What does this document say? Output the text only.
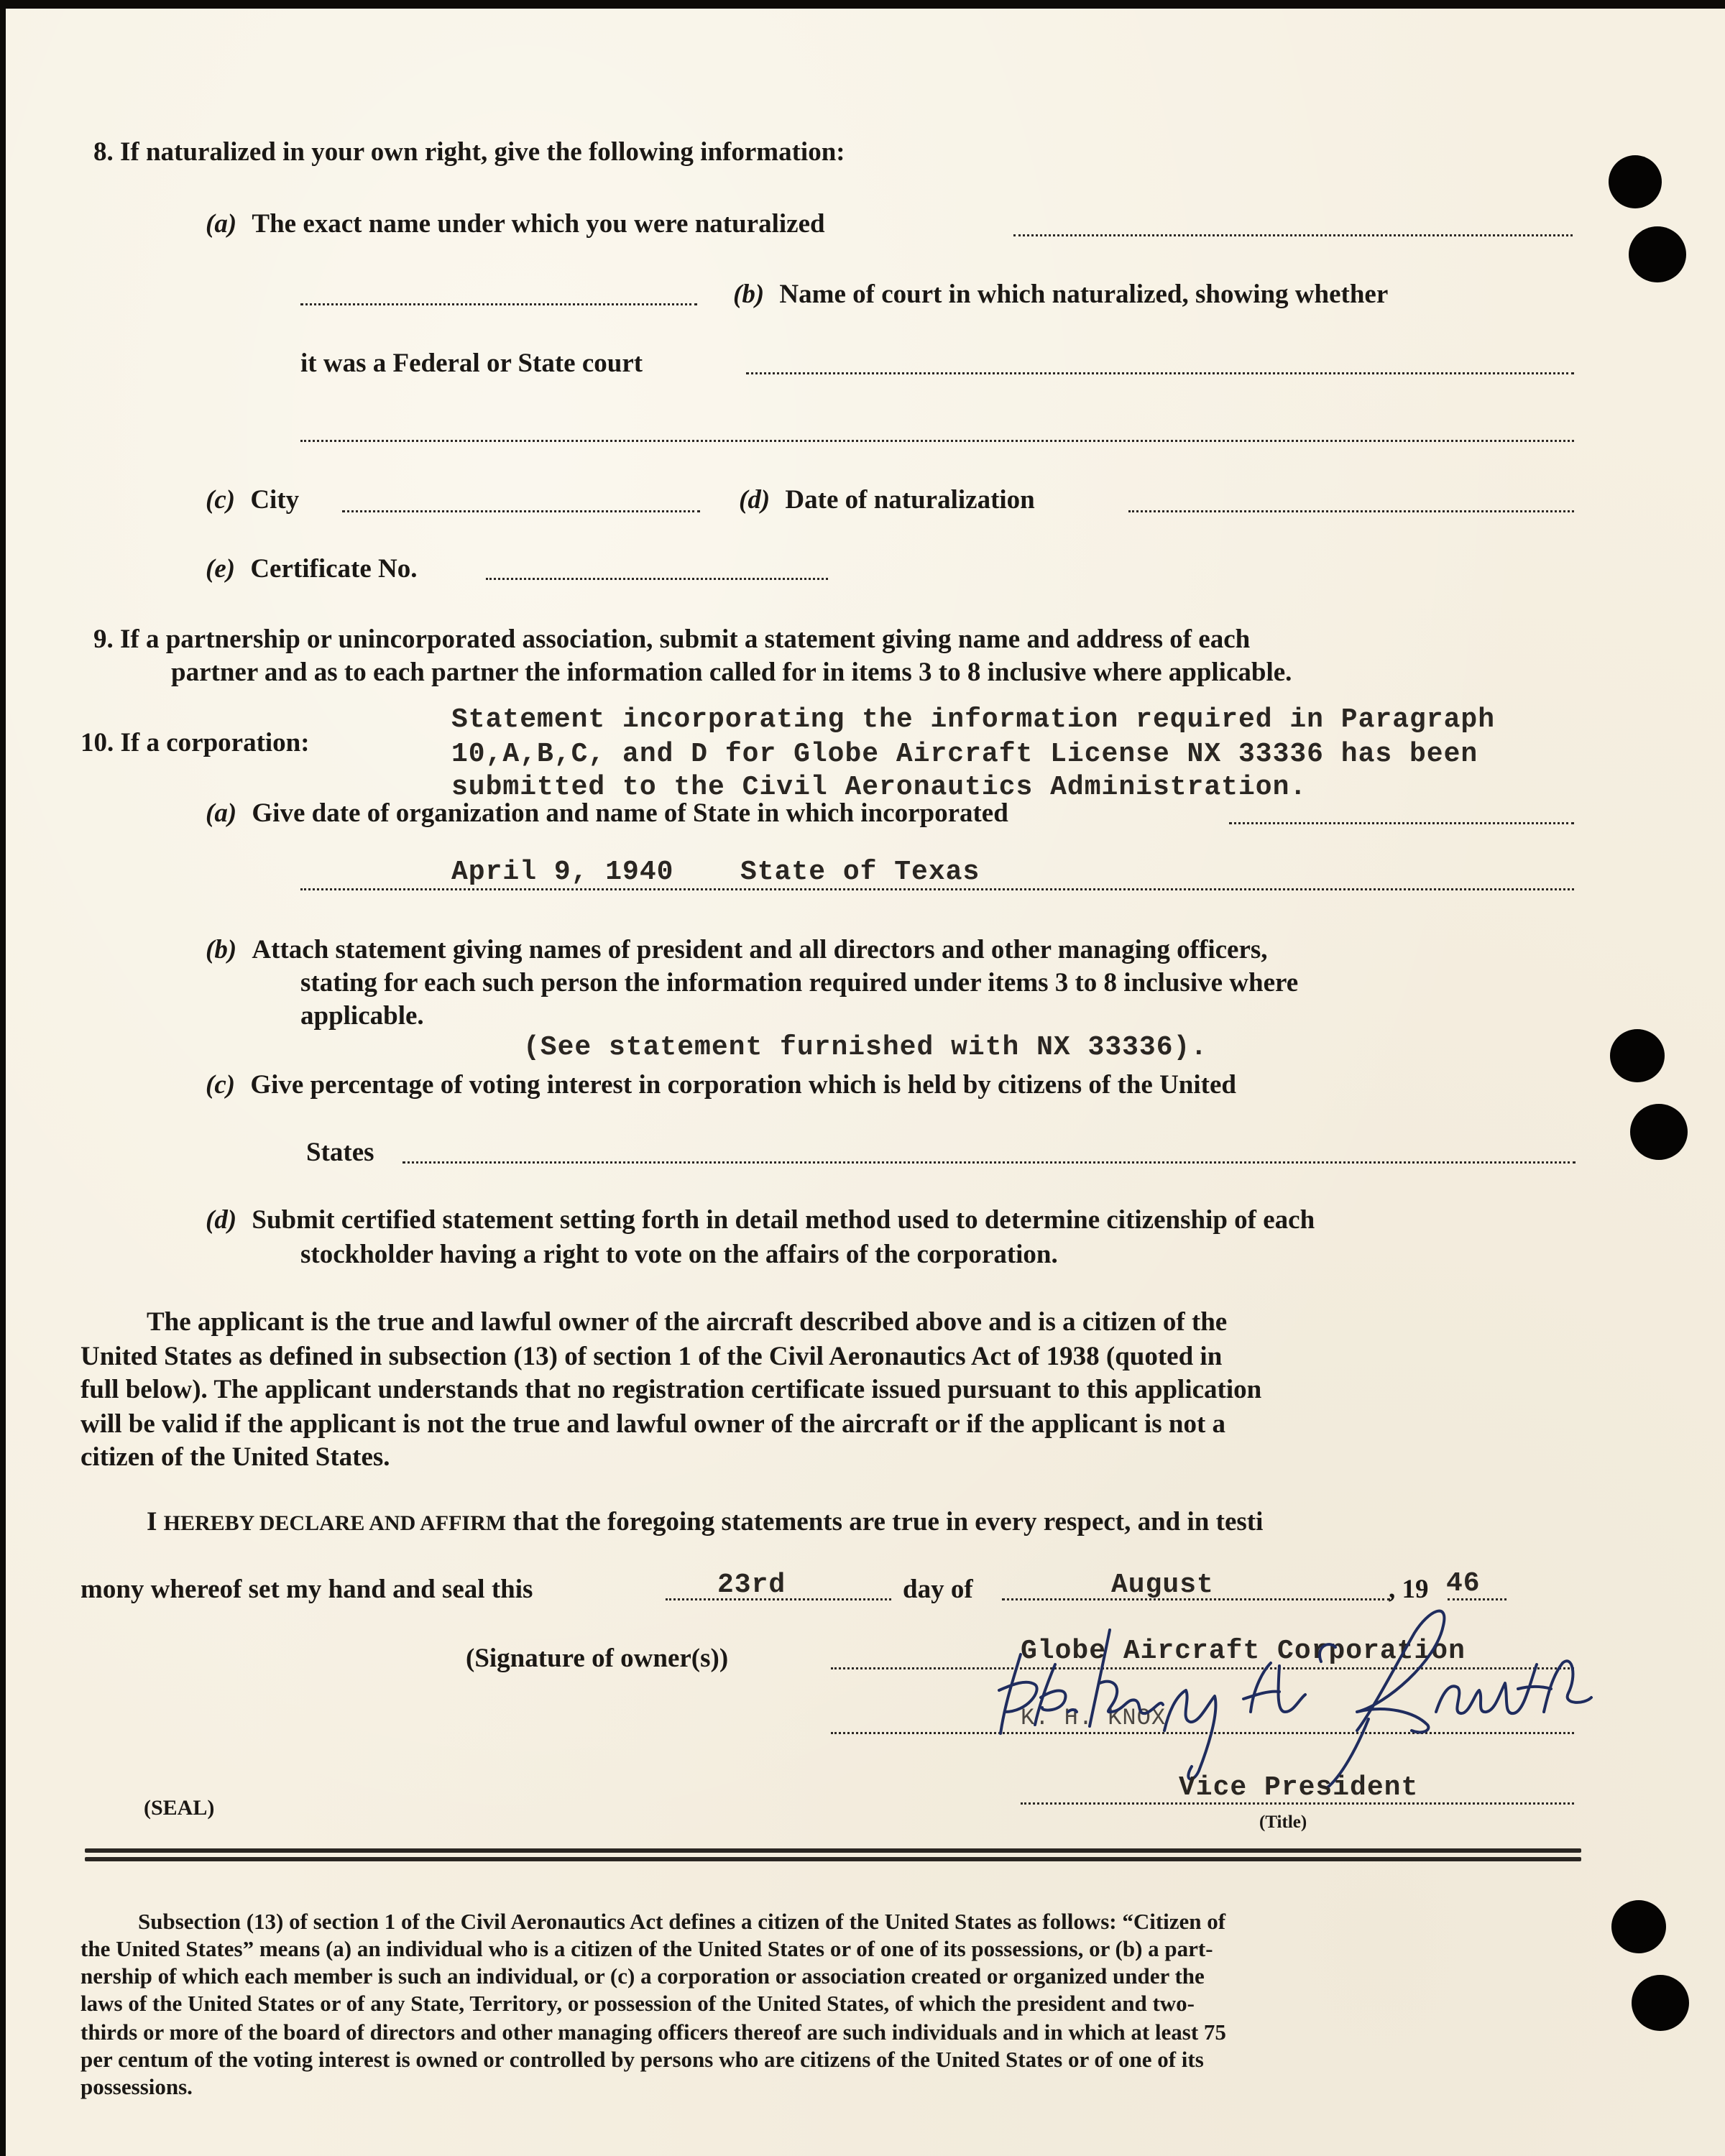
8. If naturalized in your own right, give the following information:
(a) The exact name under which you were naturalized
(b) Name of court in which naturalized, showing whether
it was a Federal or State court
(c) City	(d) Date of naturalization
(e) Certificate No.
9. If a partnership or unincorporated association, submit a statement giving name and address of each
partner and as to each partner the information called for in items 3 to 8 inclusive where applicable.
10. If a corporation:
Statement incorporating the information required in Paragraph
10,A,B,C, and D for Globe Aircraft License NX 33336 has been
submitted to the Civil Aeronautics Administration.
(a) Give date of organization and name of State in which incorporated
April 9, 1940 State of Texas
(b) Attach statement giving names of president and all directors and other managing officers,
stating for each such person the information required under items 3 to 8 inclusive where
applicable.
(See statement furnished with NX 33336).
(c) Give percentage of voting interest in corporation which is held by citizens of the United
States
(d) Submit certified statement setting forth in detail method used to determine citizenship of each
stockholder having a right to vote on the affairs of the corporation.
The applicant is the true and lawful owner of the aircraft described above and is a citizen of the
United States as defined in subsection (13) of section 1 of the Civil Aeronautics Act of 1938 (quoted in
full below). The applicant understands that no registration certificate issued pursuant to this application
will be valid if the applicant is not the true and lawful owner of the aircraft or if the applicant is not a
citizen of the United States.
I HEREBY DECLARE AND AFFIRM that the foregoing statements are true in every respect, and in testi
mony whereof set my hand and seal this	23rd	day of	August	, 19 46
(Signature of owner(s))	Globe Aircraft Corporation
K. H. KNOX
(SEAL)
Vice President
(Title)
Subsection (13) of section 1 of the Civil Aeronautics Act defines a citizen of the United States as follows: “Citizen of
the United States” means (a) an individual who is a citizen of the United States or of one of its possessions, or (b) a part-
nership of which each member is such an individual, or (c) a corporation or association created or organized under the
laws of the United States or of any State, Territory, or possession of the United States, of which the president and two-
thirds or more of the board of directors and other managing officers thereof are such individuals and in which at least 75
per centum of the voting interest is owned or controlled by persons who are citizens of the United States or of one of its
possessions.
